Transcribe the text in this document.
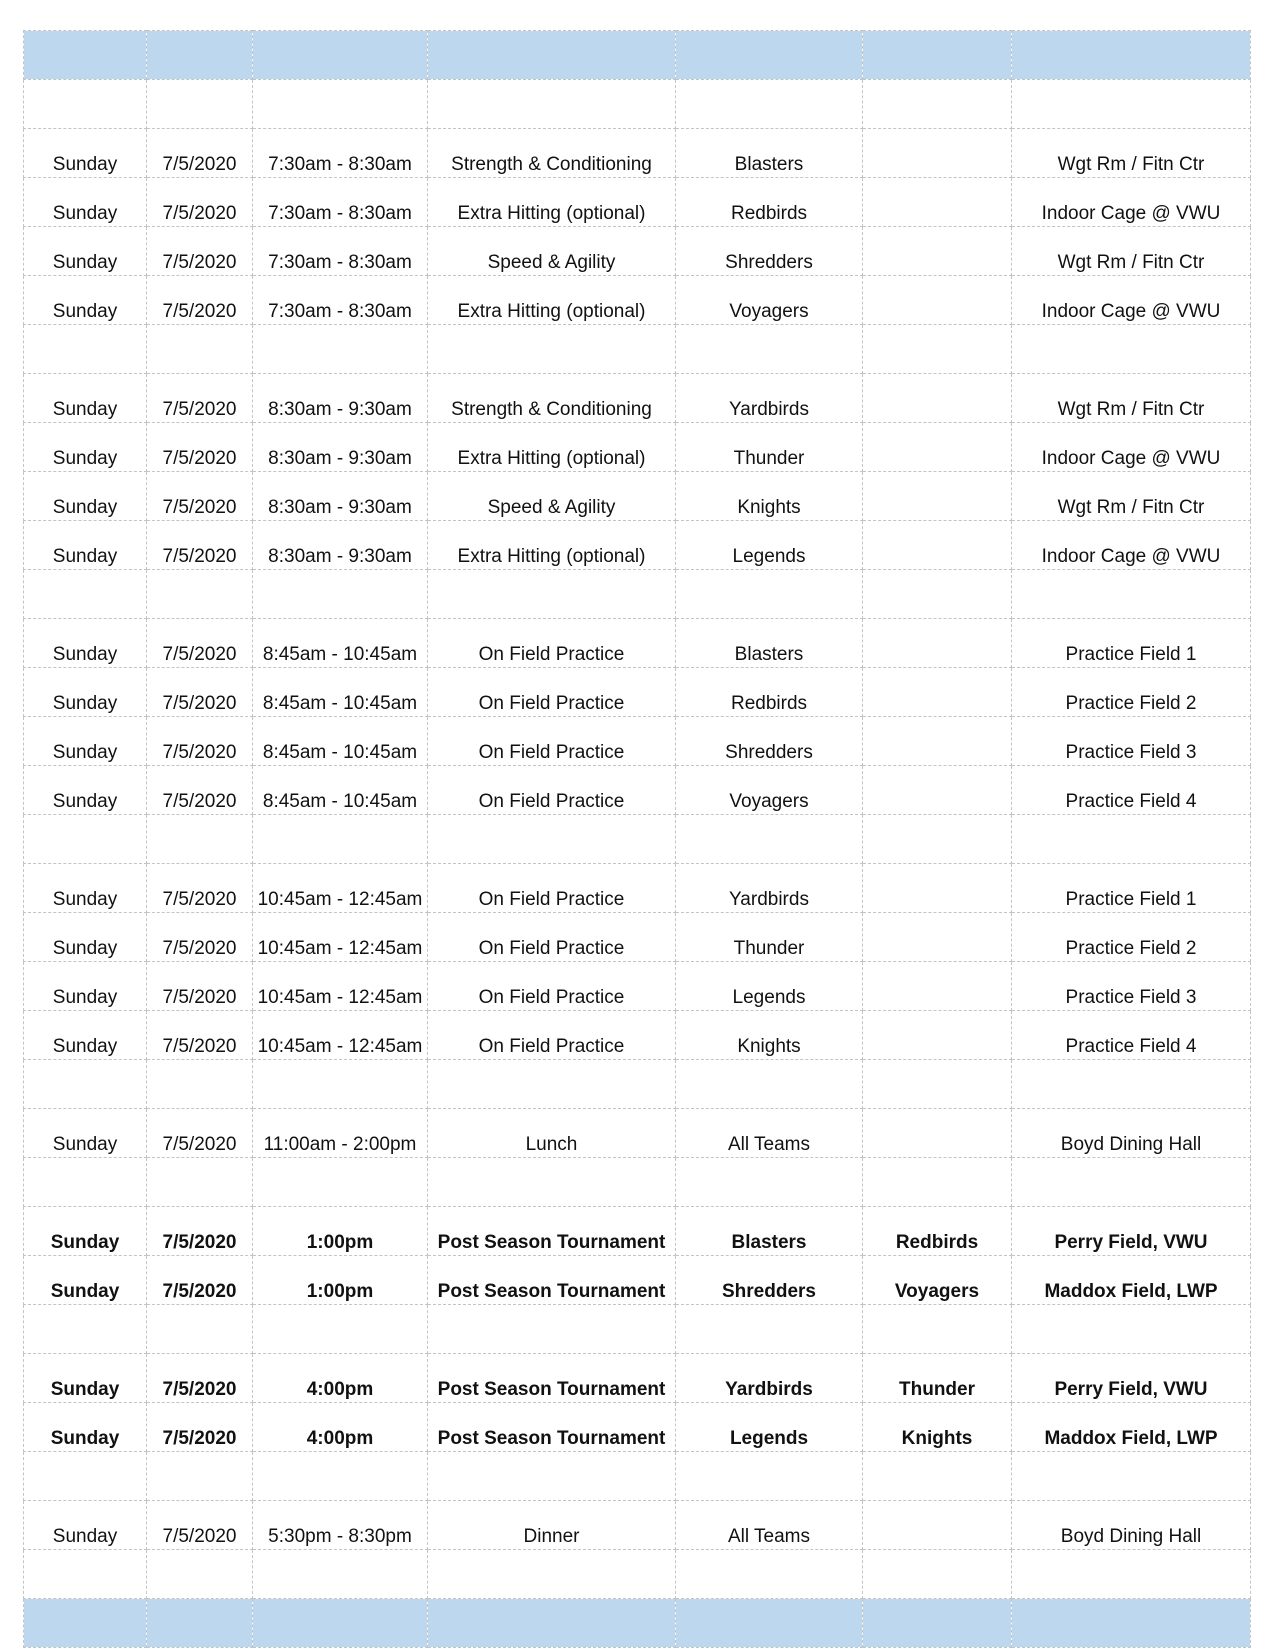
Sunday	7/5/2020	7:30am - 8:30am	Strength & Conditioning	Blasters		Wgt Rm / Fitn Ctr
Sunday	7/5/2020	7:30am - 8:30am	Extra Hitting (optional)	Redbirds		Indoor Cage @ VWU
Sunday	7/5/2020	7:30am - 8:30am	Speed & Agility	Shredders		Wgt Rm / Fitn Ctr
Sunday	7/5/2020	7:30am - 8:30am	Extra Hitting (optional)	Voyagers		Indoor Cage @ VWU

Sunday	7/5/2020	8:30am - 9:30am	Strength & Conditioning	Yardbirds		Wgt Rm / Fitn Ctr
Sunday	7/5/2020	8:30am - 9:30am	Extra Hitting (optional)	Thunder		Indoor Cage @ VWU
Sunday	7/5/2020	8:30am - 9:30am	Speed & Agility	Knights		Wgt Rm / Fitn Ctr
Sunday	7/5/2020	8:30am - 9:30am	Extra Hitting (optional)	Legends		Indoor Cage @ VWU

Sunday	7/5/2020	8:45am - 10:45am	On Field Practice	Blasters		Practice Field 1
Sunday	7/5/2020	8:45am - 10:45am	On Field Practice	Redbirds		Practice Field 2
Sunday	7/5/2020	8:45am - 10:45am	On Field Practice	Shredders		Practice Field 3
Sunday	7/5/2020	8:45am - 10:45am	On Field Practice	Voyagers		Practice Field 4

Sunday	7/5/2020	10:45am - 12:45am	On Field Practice	Yardbirds		Practice Field 1
Sunday	7/5/2020	10:45am - 12:45am	On Field Practice	Thunder		Practice Field 2
Sunday	7/5/2020	10:45am - 12:45am	On Field Practice	Legends		Practice Field 3
Sunday	7/5/2020	10:45am - 12:45am	On Field Practice	Knights		Practice Field 4

Sunday	7/5/2020	11:00am - 2:00pm	Lunch	All Teams		Boyd Dining Hall

Sunday	7/5/2020	1:00pm	Post Season Tournament	Blasters	Redbirds	Perry Field, VWU
Sunday	7/5/2020	1:00pm	Post Season Tournament	Shredders	Voyagers	Maddox Field, LWP

Sunday	7/5/2020	4:00pm	Post Season Tournament	Yardbirds	Thunder	Perry Field, VWU
Sunday	7/5/2020	4:00pm	Post Season Tournament	Legends	Knights	Maddox Field, LWP

Sunday	7/5/2020	5:30pm - 8:30pm	Dinner	All Teams		Boyd Dining Hall
